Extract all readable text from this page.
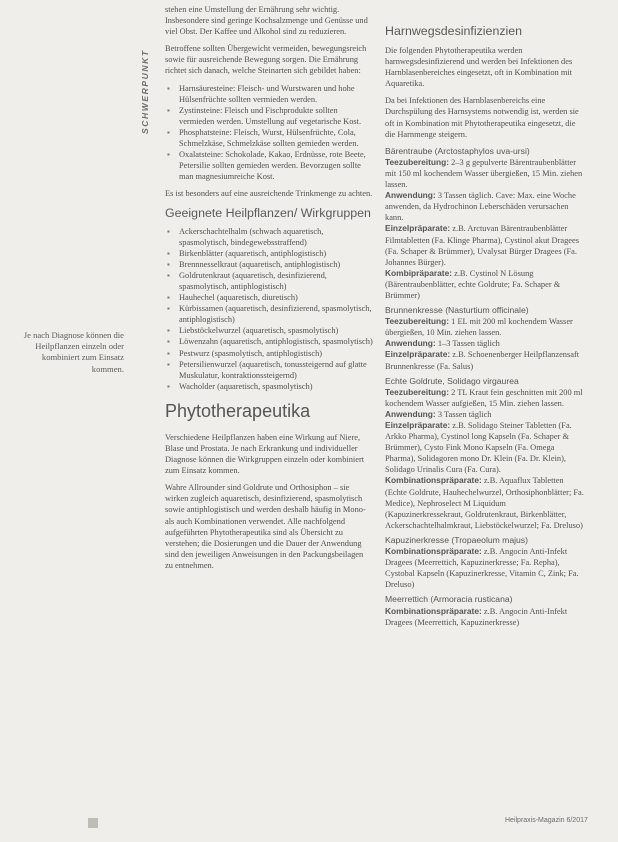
SCHWERPUNKT
Je nach Diagnose können die Heilpflanzen einzeln oder kombiniert zum Einsatz kommen.

stehen eine Umstellung der Ernährung sehr wichtig. Insbesondere sind geringe Kochsalzmenge und Genüsse und viel Obst. Der Kaffee und Alkohol sind zu reduzieren.

Betroffene sollten Übergewicht vermeiden, bewegungsreich sowie für ausreichende Bewegung sorgen. Die Ernährung richtet sich danach, welche Steinarten sich gebildet haben:

▪ Harnsäuresteine: Fleisch- und Wurstwaren und hohe Hülsenfrüchte sollten vermieden werden.
▪ Zystinsteine: Fleisch und Fischprodukte sollten vermieden werden. Umstellung auf vegetarische Kost.
▪ Phosphatsteine: Fleisch, Wurst, Hülsenfrüchte, Cola, Schmelzkäse, Schmelzkäse sollten gemieden werden.
▪ Oxalatsteine: Schokolade, Kakao, Erdnüsse, rote Beete, Petersilie sollten gemieden werden. Bevorzugen sollte man magnesiumreiche Kost.

Es ist besonders auf eine ausreichende Trinkmenge zu achten.

Geeignete Heilpflanzen/ Wirkgruppen
▪ Ackerschachtelhalm (schwach aquaretisch, spasmolytisch, bindegewebsstraffend)
▪ Birkenblätter (aquaretisch, antiphlogistisch)
▪ Brennnesselkraut (aquaretisch, antiphlogistisch)
▪ Goldrutenkraut (aquaretisch, desinfizierend, spasmolytisch, antiphlogistisch)
▪ Hauhechel (aquaretisch, diuretisch)
▪ Kürbissamen (aquaretisch, desinfizierend, spasmolytisch, antiphlogistisch)
▪ Liebstöckelwurzel (aquaretisch, spasmolytisch)
▪ Löwenzahn (aquaretisch, antiphlogistisch, spasmolytisch)
▪ Pestwurz (spasmolytisch, antiphlogistisch)
▪ Petersilienwurzel (aquaretisch, tonussteigernd auf glatte Muskulatur, kontraktionssteigernd)
▪ Wacholder (aquaretisch, spasmolytisch)
Phytotherapeutika

Verschiedene Heilpflanzen haben eine Wirkung auf Niere, Blase und Prostata. Je nach Erkrankung und individueller Diagnose können die Wirkgruppen einzeln oder kombiniert zum Einsatz kommen.

Wahre Allrounder sind Goldrute und Orthosiphon – sie wirken zugleich aquaretisch, desinfizierend, spasmolytisch sowie antiphlogistisch und werden deshalb häufig in Mono- als auch Kombinationen verwendet. Alle nachfolgend aufgeführten Phytotherapeutika sind als Übersicht zu verstehen; die Dosierungen und die Dauer der Anwendung sind den jeweiligen Anweisungen in den Packungsbeilagen zu entnehmen.

Harnwegsdesinfizienzien

Die folgenden Phytotherapeutika werden harnwegsdesinfizierend und werden bei Infektionen des Harnblasenbereiches eingesetzt, oft in Kombination mit Aquaretika.

Da bei Infektionen des Harnblasenbereichs eine Durchspülung des Harnsystems notwendig ist, werden sie oft in Kombination mit Phytotherapeutika eingesetzt, die die Harnmenge steigern.

Bärentraube (Arctostaphylos uva-ursi)
Teezubereitung: 2–3 g gepulverte Bärentraubenblätter mit 150 ml kochendem Wasser übergießen, 15 Min. ziehen lassen.
Anwendung: 3 Tassen täglich. Cave: Max. eine Woche anwenden, da Hydrochinon Leberschäden verursachen kann.
Einzelpräparate: z.B. Arctuvan Bärentraubenblätter Filmtabletten (Fa. Klinge Pharma), Cystinol akut Dragees (Fa. Schaper & Brümmer), Uvalysat Bürger Dragees (Fa. Johannes Bürger).
Kombipräparate: z.B. Cystinol N Lösung (Bärentraubenblätter, echte Goldrute; Fa. Schaper & Brümmer)
Brunnenkresse (Nasturtium officinale)
Teezubereitung: 1 EL mit 200 ml kochendem Wasser übergießen, 10 Min. ziehen lassen.
Anwendung: 1–3 Tassen täglich
Einzelpräparate: z.B. Schoenenberger Heilpflanzensaft Brunnenkresse (Fa. Salus)
Echte Goldrute, Solidago virgaurea
Teezubereitung: 2 TL Kraut fein geschnitten mit 200 ml kochendem Wasser aufgießen, 15 Min. ziehen lassen.
Anwendung: 3 Tassen täglich
Einzelpräparate: z.B. Solidago Steiner Tabletten (Fa. Arkko Pharma), Cystinol long Kapseln (Fa. Schaper & Brümmer), Cysto Fink Mono Kapseln (Fa. Omega Pharma), Solidagoren mono Dr. Klein (Fa. Dr. Klein), Solidago Urinalis Cura (Fa. Cura).
Kombinationspräparate: z.B. Aquaflux Tabletten (Echte Goldrute, Hauhechelwurzel, Orthosiphonblätter; Fa. Medice), Nephroselect M Liquidum (Kapuzinerkressekraut, Goldrutenkraut, Birkenblätter, Ackerschachtelhalmkraut, Liebstöckelwurzel; Fa. Dreluso)
Kapuzinerkresse (Tropaeolum majus)
Kombinationspräparate: z.B. Angocin Anti-Infekt Dragees (Meerrettich, Kapuzinerkresse; Fa. Repha), Cystobal Kapseln (Kapuzinerkresse, Vitamin C, Zink; Fa. Dreluso)
Meerrettich (Armoracia rusticana)
Kombinationspräparate: z.B. Angocin Anti-Infekt Dragees (Meerrettich, Kapuzinerkresse)
Heilpraxis-Magazin 6/2017
